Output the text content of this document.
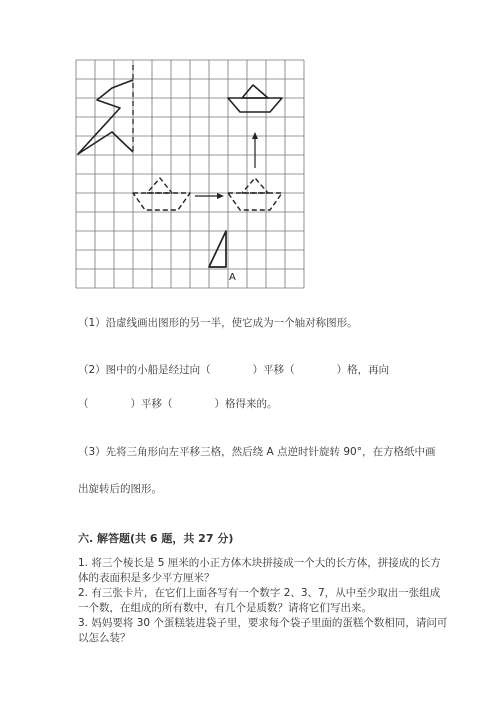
A
（1）沿虚线画出图形的另一半，使它成为一个轴对称图形。
（2）图中的小船是经过向（　　　　）平移（　　　　）格，再向
（　　　　）平移（　　　　）格得来的。
（3）先将三角形向左平移三格，然后绕 A 点逆时针旋转 90°，在方格纸中画
出旋转后的图形。
六. 解答题(共 6 题，共 27 分)

1. 将三个棱长是 5 厘米的小正方体木块拼接成一个大的长方体，拼接成的长方

体的表面积是多少平方厘米？

2. 有三张卡片，在它们上面各写有一个数字 2、3、7，从中至少取出一张组成

一个数，在组成的所有数中，有几个是质数？请将它们写出来。

3. 妈妈要将 30 个蛋糕装进袋子里，要求每个袋子里面的蛋糕个数相同，请问可

以怎么装？
